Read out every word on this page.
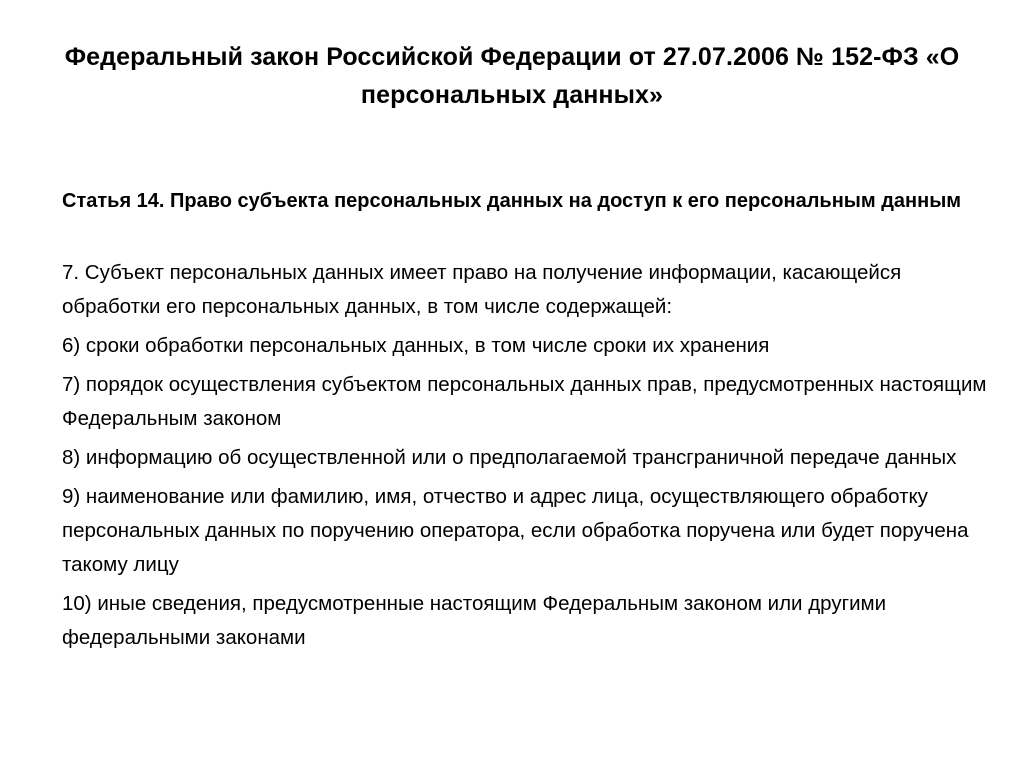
Федеральный закон Российской Федерации от 27.07.2006 № 152-ФЗ «О персональных данных»
Статья 14. Право субъекта персональных данных на доступ к его персональным данным
7. Субъект персональных данных имеет право на получение информации, касающейся обработки его персональных данных, в том числе содержащей:
6) сроки обработки персональных данных, в том числе сроки их хранения
7) порядок осуществления субъектом персональных данных прав, предусмотренных настоящим Федеральным законом
8) информацию об осуществленной или о предполагаемой трансграничной передаче данных
9) наименование или фамилию, имя, отчество и адрес лица, осуществляющего обработку персональных данных по поручению оператора, если обработка поручена или будет поручена такому лицу
10) иные сведения, предусмотренные настоящим Федеральным законом или другими федеральными законами
